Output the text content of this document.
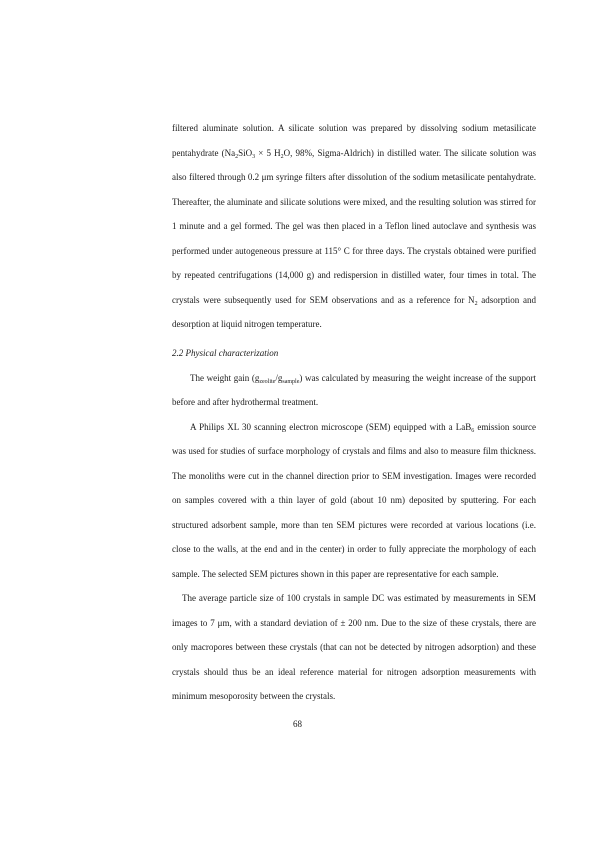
filtered aluminate solution. A silicate solution was prepared by dissolving sodium metasilicate pentahydrate ($Na_2SiO_3 \times 5$ $H_2O$, 98%, Sigma-Aldrich) in distilled water. The silicate solution was also filtered through 0.2 μm syringe filters after dissolution of the sodium metasilicate pentahydrate. Thereafter, the aluminate and silicate solutions were mixed, and the resulting solution was stirred for 1 minute and a gel formed. The gel was then placed in a Teflon lined autoclave and synthesis was performed under autogeneous pressure at 115° C for three days. The crystals obtained were purified by repeated centrifugations (14,000 g) and redispersion in distilled water, four times in total. The crystals were subsequently used for SEM observations and as a reference for $N_2$ adsorption and desorption at liquid nitrogen temperature.

2.2 Physical characterization

The weight gain $(g_{zeolite}/g_{sample})$ was calculated by measuring the weight increase of the support before and after hydrothermal treatment.

A Philips XL 30 scanning electron microscope (SEM) equipped with a LaB$_6$ emission source was used for studies of surface morphology of crystals and films and also to measure film thickness. The monoliths were cut in the channel direction prior to SEM investigation. Images were recorded on samples covered with a thin layer of gold (about 10 nm) deposited by sputtering. For each structured adsorbent sample, more than ten SEM pictures were recorded at various locations (i.e. close to the walls, at the end and in the center) in order to fully appreciate the morphology of each sample. The selected SEM pictures shown in this paper are representative for each sample.

The average particle size of 100 crystals in sample DC was estimated by measurements in SEM images to 7 μm, with a standard deviation of ± 200 nm. Due to the size of these crystals, there are only macropores between these crystals (that can not be detected by nitrogen adsorption) and these crystals should thus be an ideal reference material for nitrogen adsorption measurements with minimum mesoporosity between the crystals.

68
